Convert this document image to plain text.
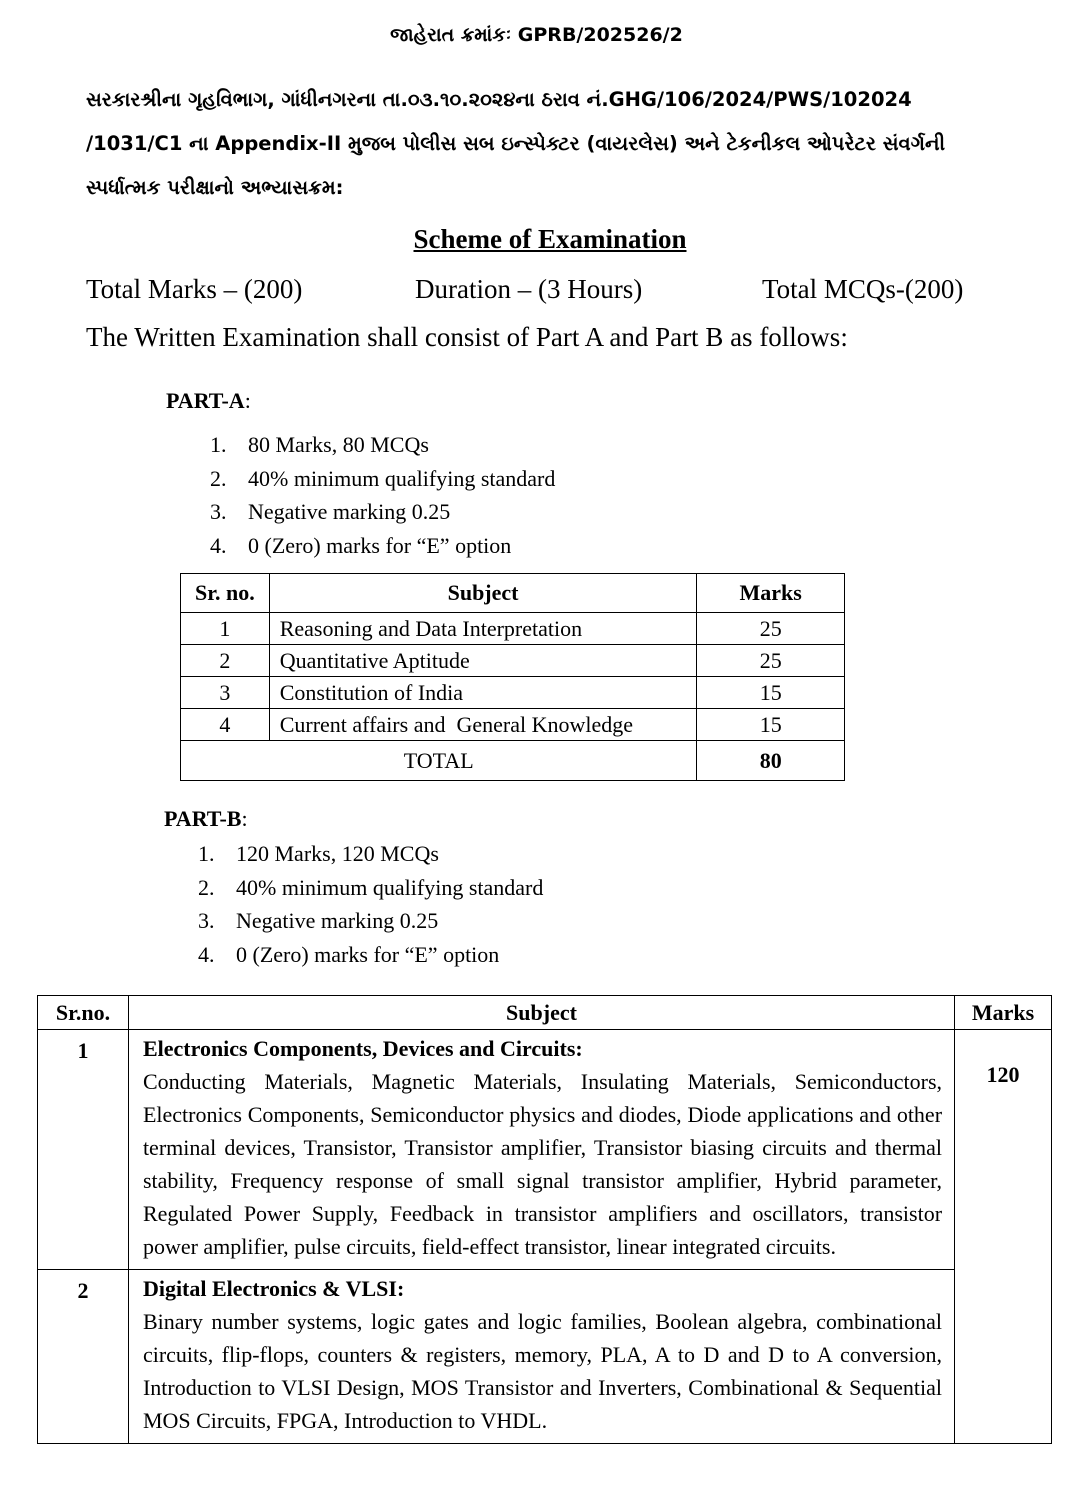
જાહેરાત ક્રમાંકઃ GPRB/202526/2
સરકારશ્રીના ગૃહવિભાગ, ગાંધીનગરના તા.૦૩.૧૦.૨૦૨૪ના ઠરાવ નં.GHG/106/2024/PWS/102024
/1031/C1 ના Appendix-II મુજબ પોલીસ સબ ઇન્સ્પેક્ટર (વાયરલેસ) અને ટેકનીકલ ઓપરેટર સંવર્ગની
સ્પર્ધાત્મક પરીક્ષાનો અભ્યાસક્રમ:
Scheme of Examination
Total Marks – (200)	Duration – (3 Hours)	Total MCQs-(200)
The Written Examination shall consist of Part A and Part B as follows:
PART-A:
1. 80 Marks, 80 MCQs
2. 40% minimum qualifying standard
3. Negative marking 0.25
4. 0 (Zero) marks for “E” option
Sr. no.	Subject	Marks
1	Reasoning and Data Interpretation	25
2	Quantitative Aptitude	25
3	Constitution of India	15
4	Current affairs and  General Knowledge	15
TOTAL		80
PART-B:
1. 120 Marks, 120 MCQs
2. 40% minimum qualifying standard
3. Negative marking 0.25
4. 0 (Zero) marks for “E” option
Sr.no.	Subject	Marks
1	Electronics Components, Devices and Circuits:
Conducting Materials, Magnetic Materials, Insulating Materials, Semiconductors, Electronics Components, Semiconductor physics and diodes, Diode applications and other terminal devices, Transistor, Transistor amplifier, Transistor biasing circuits and thermal stability, Frequency response of small signal transistor amplifier, Hybrid parameter, Regulated Power Supply, Feedback in transistor amplifiers and oscillators, transistor power amplifier, pulse circuits, field-effect transistor, linear integrated circuits.	120
2	Digital Electronics & VLSI:
Binary number systems, logic gates and logic families, Boolean algebra, combinational circuits, flip-flops, counters & registers, memory, PLA, A to D and D to A conversion, Introduction to VLSI Design, MOS Transistor and Inverters, Combinational & Sequential MOS Circuits, FPGA, Introduction to VHDL.	
